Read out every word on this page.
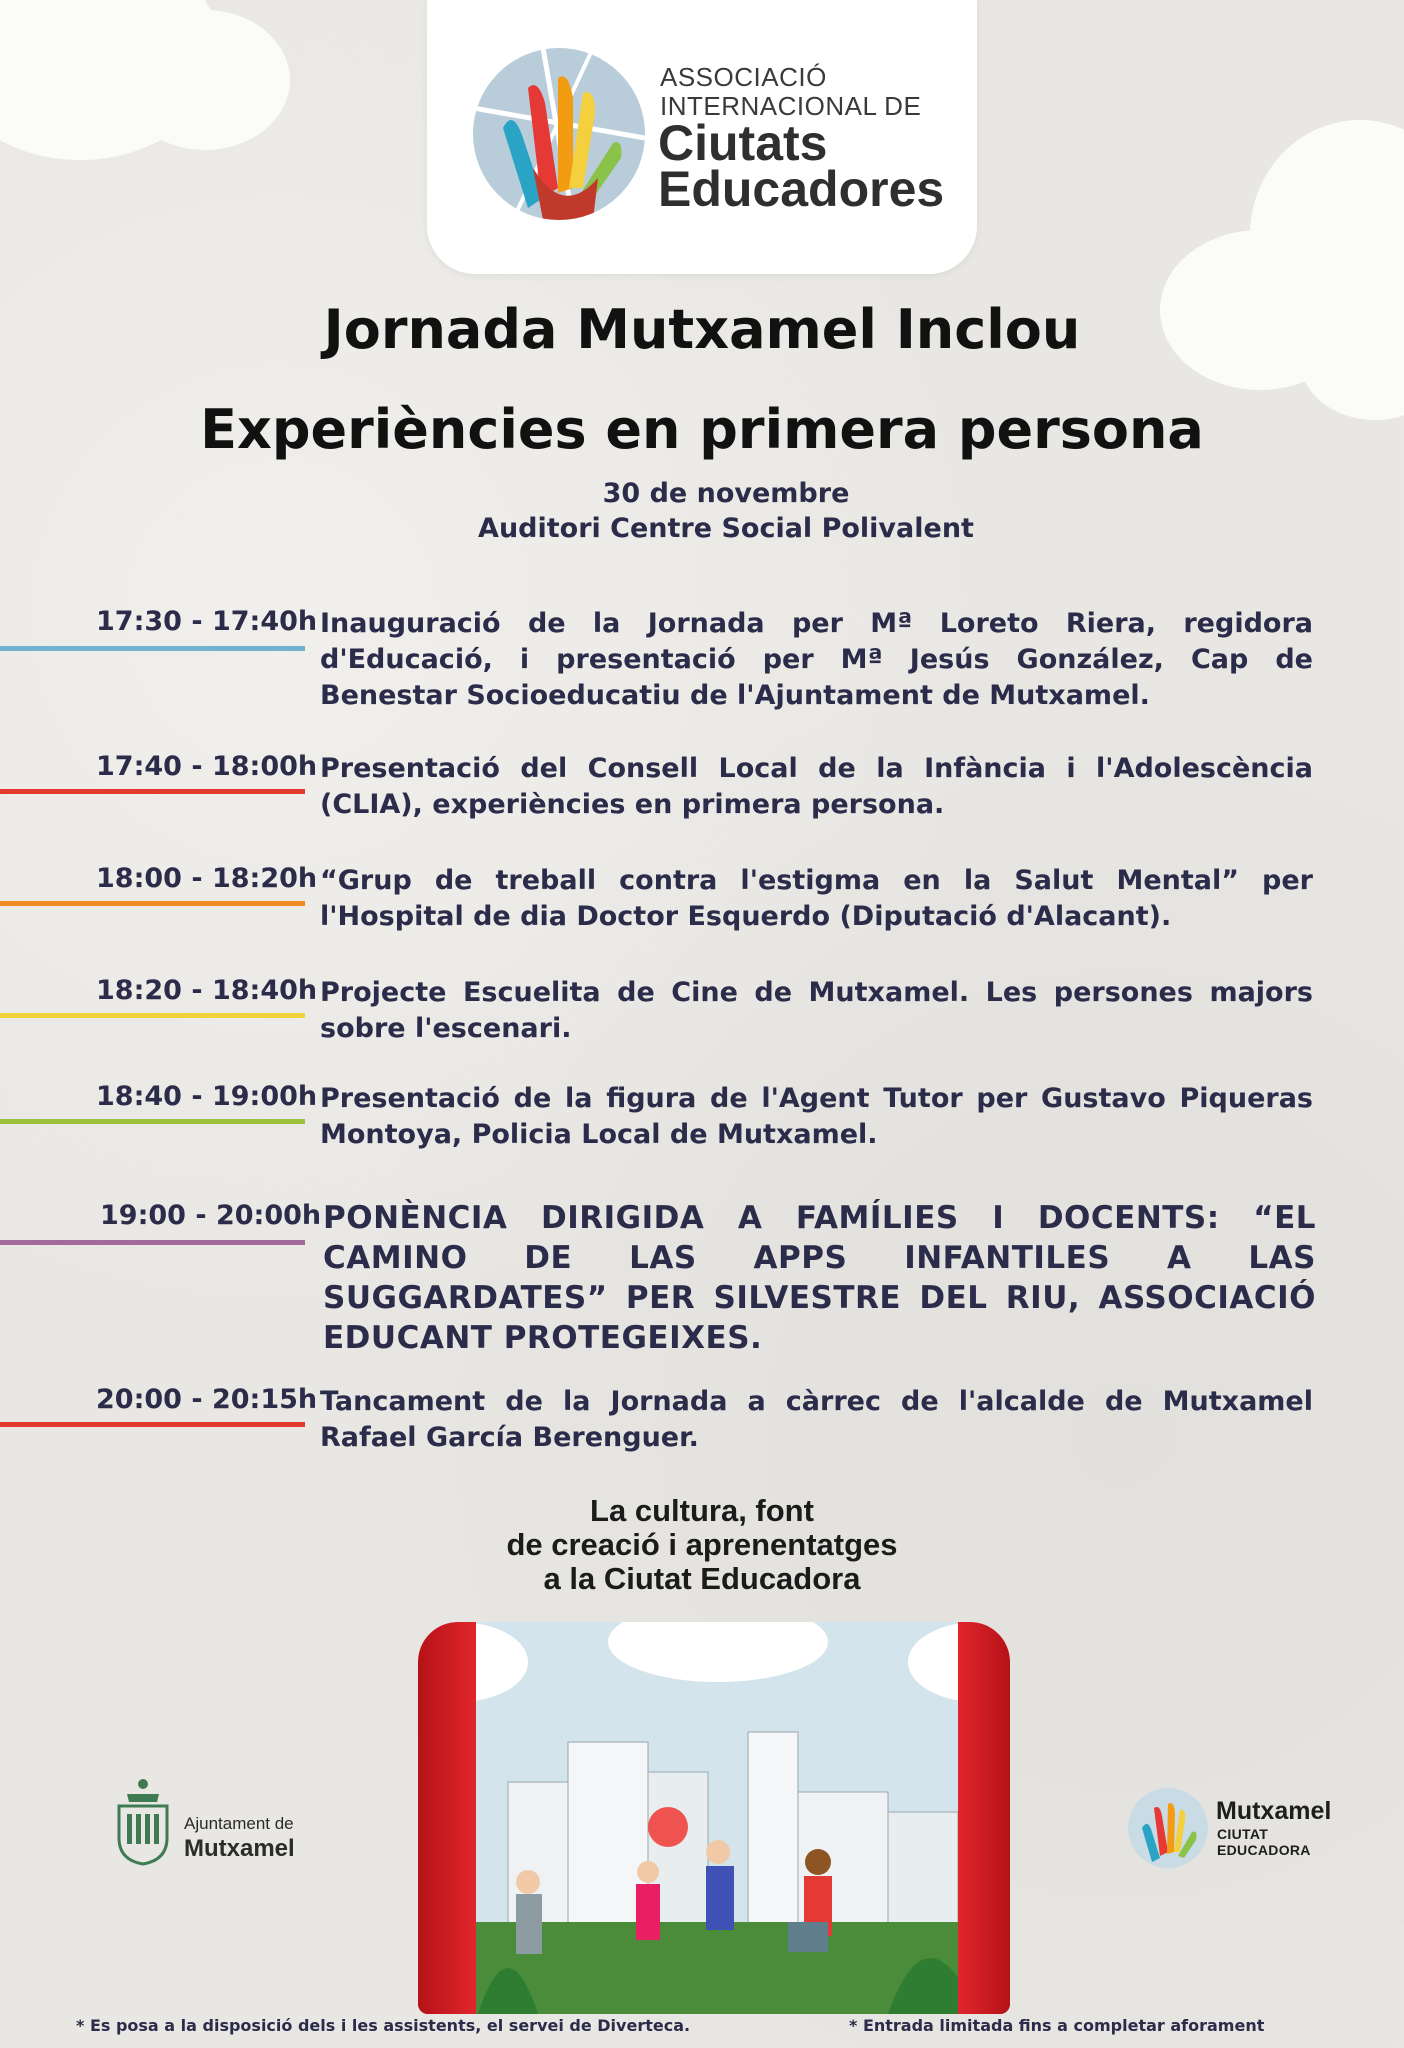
ASSOCIACIÓ
INTERNACIONAL DE
Ciutats
Educadores
Jornada Mutxamel Inclou
Experiències en primera persona
30 de novembre
Auditori Centre Social Polivalent
17:30 - 17:40h Inauguració de la Jornada per Mª Loreto Riera, regidora d'Educació, i presentació per Mª Jesús González, Cap de Benestar Socioeducatiu de l'Ajuntament de Mutxamel.
17:40 - 18:00h Presentació del Consell Local de la Infància i l'Adolescència (CLIA), experiències en primera persona.
18:00 - 18:20h “Grup de treball contra l'estigma en la Salut Mental” per l'Hospital de dia Doctor Esquerdo (Diputació d'Alacant).
18:20 - 18:40h Projecte Escuelita de Cine de Mutxamel. Les persones majors sobre l'escenari.
18:40 - 19:00h Presentació de la figura de l'Agent Tutor per Gustavo Piqueras Montoya, Policia Local de Mutxamel.
19:00 - 20:00h PONÈNCIA DIRIGIDA A FAMÍLIES I DOCENTS: “EL CAMINO DE LAS APPS INFANTILES A LAS SUGGARDATES” PER SILVESTRE DEL RIU, ASSOCIACIÓ EDUCANT PROTEGEIXES.
20:00 - 20:15h Tancament de la Jornada a càrrec de l'alcalde de Mutxamel Rafael García Berenguer.
La cultura, font
de creació i aprenentatges
a la Ciutat Educadora
Ajuntament de
Mutxamel
Mutxamel
CIUTAT
EDUCADORA
* Es posa a la disposició dels i les assistents, el servei de Diverteca.	* Entrada limitada fins a completar aforament
